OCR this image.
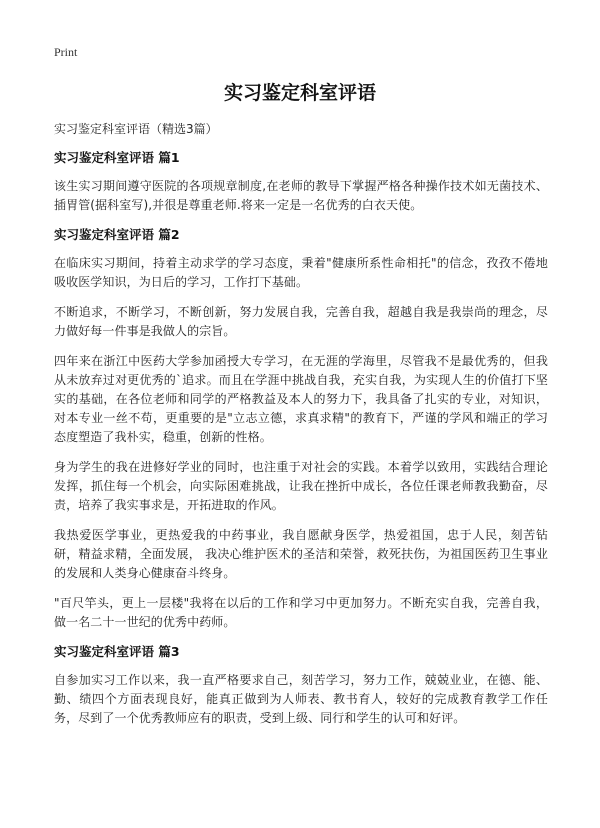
Print
实习鉴定科室评语
实习鉴定科室评语（精选3篇）
实习鉴定科室评语 篇1

该生实习期间遵守医院的各项规章制度,在老师的教导下掌握严格各种操作技术如无菌技术、插胃管(据科室写),并很是尊重老师.将来一定是一名优秀的白衣天使。

实习鉴定科室评语 篇2

在临床实习期间，持着主动求学的学习态度，秉着"健康所系性命相托"的信念，孜孜不倦地吸收医学知识，为日后的学习，工作打下基础。

不断追求，不断学习，不断创新，努力发展自我，完善自我，超越自我是我崇尚的理念，尽力做好每一件事是我做人的宗旨。

四年来在浙江中医药大学参加函授大专学习，在无涯的学海里，尽管我不是最优秀的，但我从未放弃过对更优秀的`追求。而且在学涯中挑战自我，充实自我，为实现人生的价值打下坚实的基础，在各位老师和同学的严格教益及本人的努力下，我具备了扎实的专业，对知识，对本专业一丝不苟，更重要的是"立志立德，求真求精"的教育下，严谨的学风和端正的学习态度塑造了我朴实，稳重，创新的性格。

身为学生的我在进修好学业的同时，也注重于对社会的实践。本着学以致用，实践结合理论发挥，抓住每一个机会，向实际困难挑战，让我在挫折中成长，各位任课老师教我勤奋，尽责，培养了我实事求是，开拓进取的作风。

我热爱医学事业，更热爱我的中药事业，我自愿献身医学，热爱祖国，忠于人民，刻苦钻研，精益求精，全面发展， 我决心维护医术的圣洁和荣誉，救死扶伤，为祖国医药卫生事业的发展和人类身心健康奋斗终身。

"百尺竿头，更上一层楼"我将在以后的工作和学习中更加努力。不断充实自我，完善自我，做一名二十一世纪的优秀中药师。

实习鉴定科室评语 篇3

自参加实习工作以来，我一直严格要求自己，刻苦学习，努力工作，兢兢业业，在德、能、勤、绩四个方面表现良好，能真正做到为人师表、教书育人，较好的完成教育教学工作任务，尽到了一个优秀教师应有的职责，受到上级、同行和学生的认可和好评。
